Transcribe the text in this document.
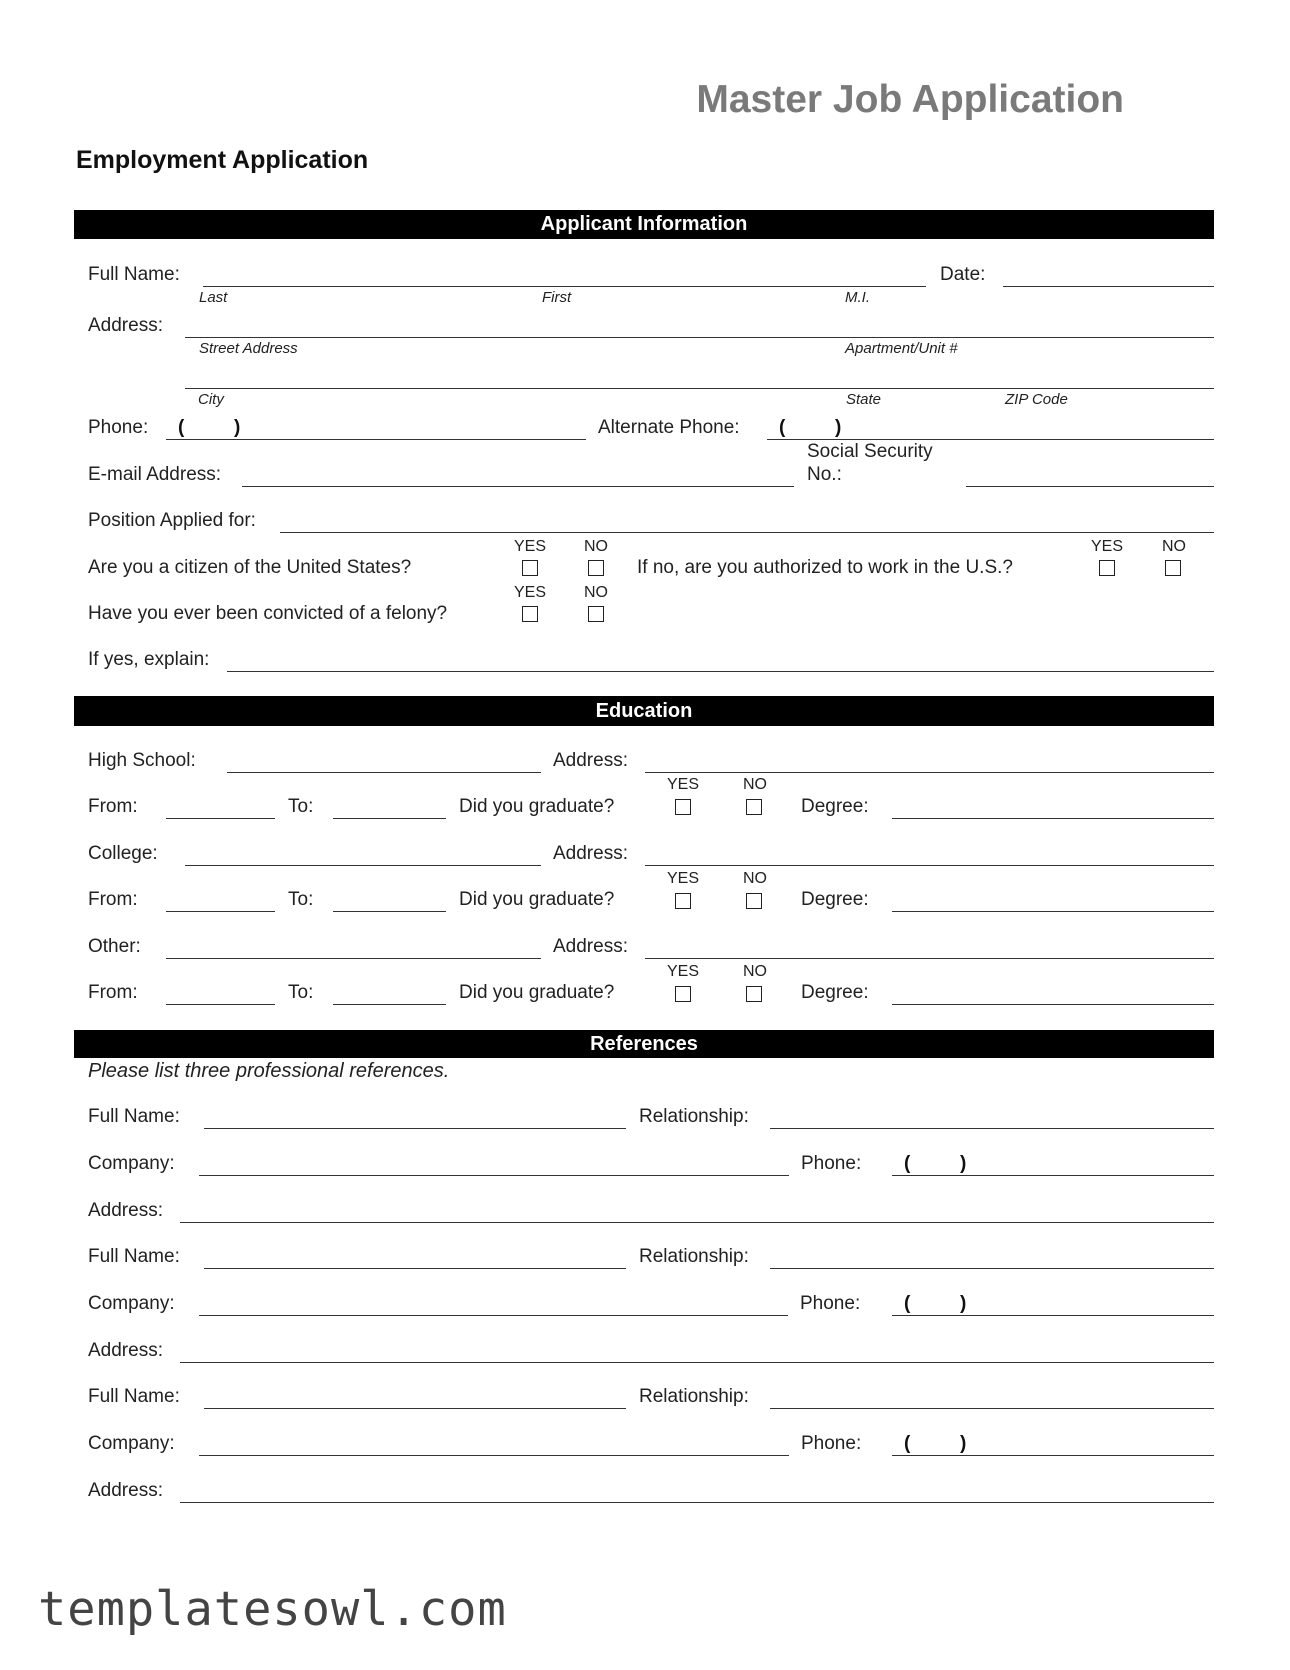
Master Job Application
Employment Application
Applicant Information
Full Name:	Date:
Last	First	M.I.
Address:
Street Address	Apartment/Unit #
City	State	ZIP Code
Phone: (	)	Alternate Phone: (	)
E-mail Address:
Social Security
No.:
Position Applied for:
YES NO
Are you a citizen of the United States?	If no, are you authorized to work in the U.S.?
YES NO
YES NO
Have you ever been convicted of a felony?
If yes, explain:
Education
High School:	Address:
YES	NO
From:	To:	Did you graduate?	Degree:
College:	Address:
YES	NO
From:	To:	Did you graduate?	Degree:
Other:	Address:
YES	NO
From:	To:	Did you graduate?	Degree:
References
Please list three professional references.
Full Name:	Relationship:
Company:	Phone: (	)
Address:
Full Name:	Relationship:
Company:	Phone: (	)
Address:
Full Name:	Relationship:
Company:	Phone: (	)
Address:
templatesowl.com
